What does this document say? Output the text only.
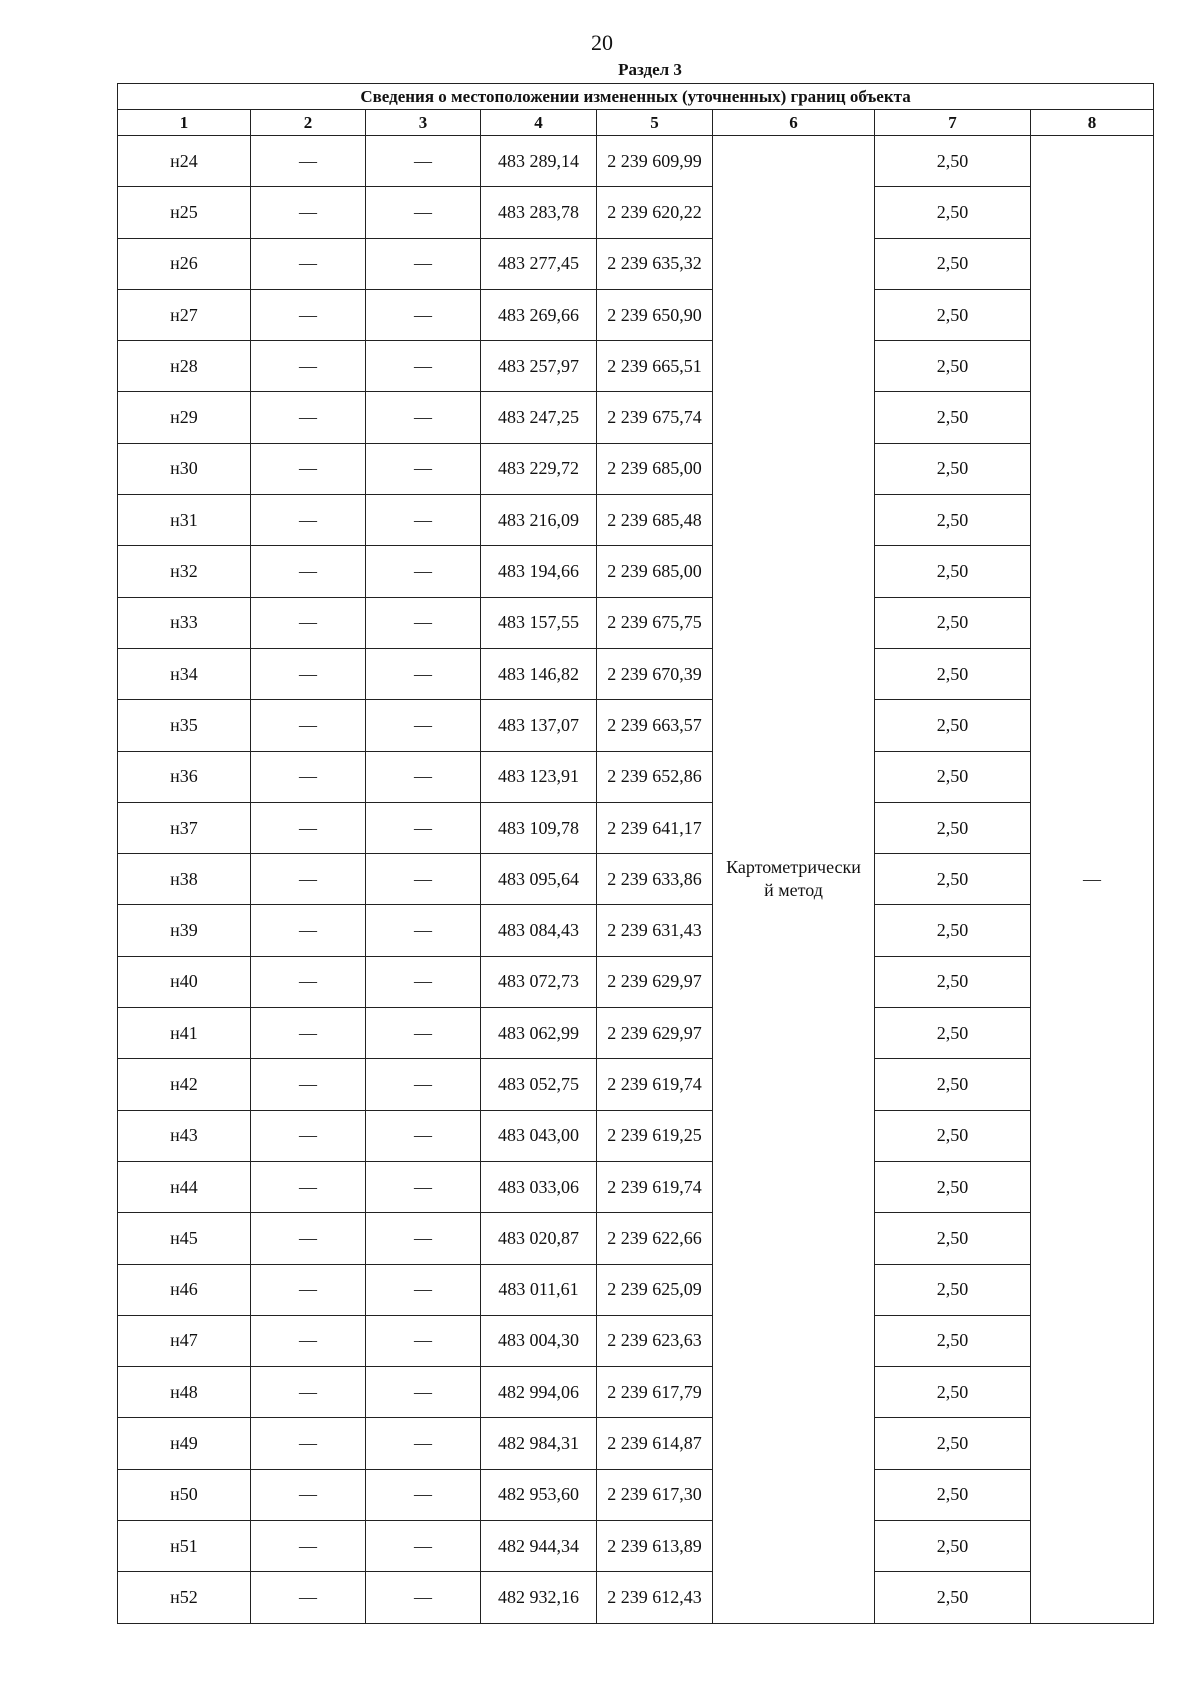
20
Раздел 3
Сведения о местоположении измененных (уточненных) границ объекта							
1	2	3	4	5	6	7	8
н24	—	—	483 289,14	2 239 609,99	Картометрически
й метод	2,50	—
н25	—	—	483 283,78	2 239 620,22		2,50	
н26	—	—	483 277,45	2 239 635,32		2,50	
н27	—	—	483 269,66	2 239 650,90		2,50	
н28	—	—	483 257,97	2 239 665,51		2,50	
н29	—	—	483 247,25	2 239 675,74		2,50	
н30	—	—	483 229,72	2 239 685,00		2,50	
н31	—	—	483 216,09	2 239 685,48		2,50	
н32	—	—	483 194,66	2 239 685,00		2,50	
н33	—	—	483 157,55	2 239 675,75		2,50	
н34	—	—	483 146,82	2 239 670,39		2,50	
н35	—	—	483 137,07	2 239 663,57		2,50	
н36	—	—	483 123,91	2 239 652,86		2,50	
н37	—	—	483 109,78	2 239 641,17		2,50	
н38	—	—	483 095,64	2 239 633,86		2,50	
н39	—	—	483 084,43	2 239 631,43		2,50	
н40	—	—	483 072,73	2 239 629,97		2,50	
н41	—	—	483 062,99	2 239 629,97		2,50	
н42	—	—	483 052,75	2 239 619,74		2,50	
н43	—	—	483 043,00	2 239 619,25		2,50	
н44	—	—	483 033,06	2 239 619,74		2,50	
н45	—	—	483 020,87	2 239 622,66		2,50	
н46	—	—	483 011,61	2 239 625,09		2,50	
н47	—	—	483 004,30	2 239 623,63		2,50	
н48	—	—	482 994,06	2 239 617,79		2,50	
н49	—	—	482 984,31	2 239 614,87		2,50	
н50	—	—	482 953,60	2 239 617,30		2,50	
н51	—	—	482 944,34	2 239 613,89		2,50	
н52	—	—	482 932,16	2 239 612,43		2,50	
